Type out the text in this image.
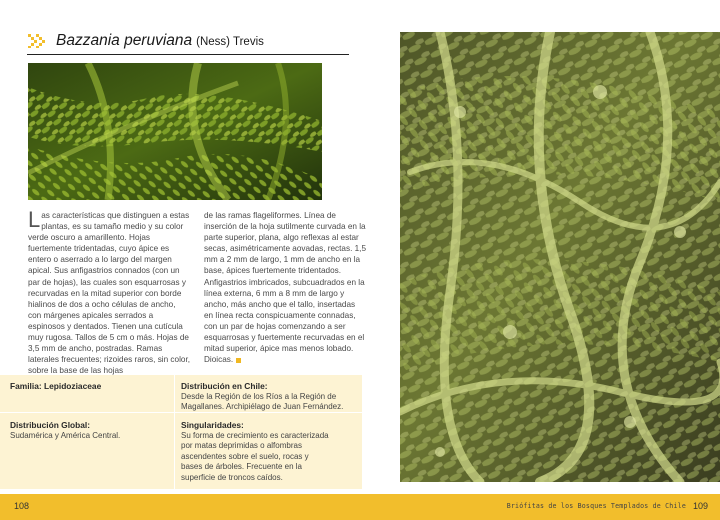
Bazzania peruviana (Ness) Trevis

Las características que distinguen a estas plantas, es su tamaño medio y su color verde oscuro a amarillento. Hojas fuertemente tridentadas, cuyo ápice es entero o aserrado a lo largo del margen apical. Sus anfigastrios connados (con un par de hojas), las cuales son esquarrosas y recurvadas en la mitad superior con borde hialinos de dos a ocho células de ancho, con márgenes apicales serrados a espinosos y dentados. Tienen una cutícula muy rugosa. Tallos de 5 cm o más. Hojas de 3,5 mm de ancho, postradas. Ramas laterales frecuentes; rizoides raros, sin color, sobre la base de las hojas

de las ramas flageliformes. Línea de inserción de la hoja sutilmente curvada en la parte superior, plana, algo reflexas al estar secas, asimétricamente aovadas, rectas. 1,5 mm a 2 mm de largo, 1 mm de ancho en la base, ápices fuertemente tridentados. Anfigastrios imbricados, subcuadrados en la línea externa, 6 mm a 8 mm de largo y ancho, más ancho que el tallo, insertadas en línea recta conspicuamente connadas, con un par de hojas comenzando a ser esquarrosas y fuertemente recurvadas en el mitad superior, ápice mas menos lobado. Dioicas.

Familia: Lepidoziaceae	Distribución en Chile:
Desde la Región de los Ríos a la Región de Magallanes. Archipiélago de Juan Fernández.
Distribución Global:
Sudamérica y América Central.
Singularidades:
Su forma de crecimiento es caracterizada por matas deprimidas o alfombras ascendentes sobre el suelo, rocas y bases de árboles. Frecuente en la superficie de troncos caídos.
108	Briófitas de los Bosques Templados de Chile 109
